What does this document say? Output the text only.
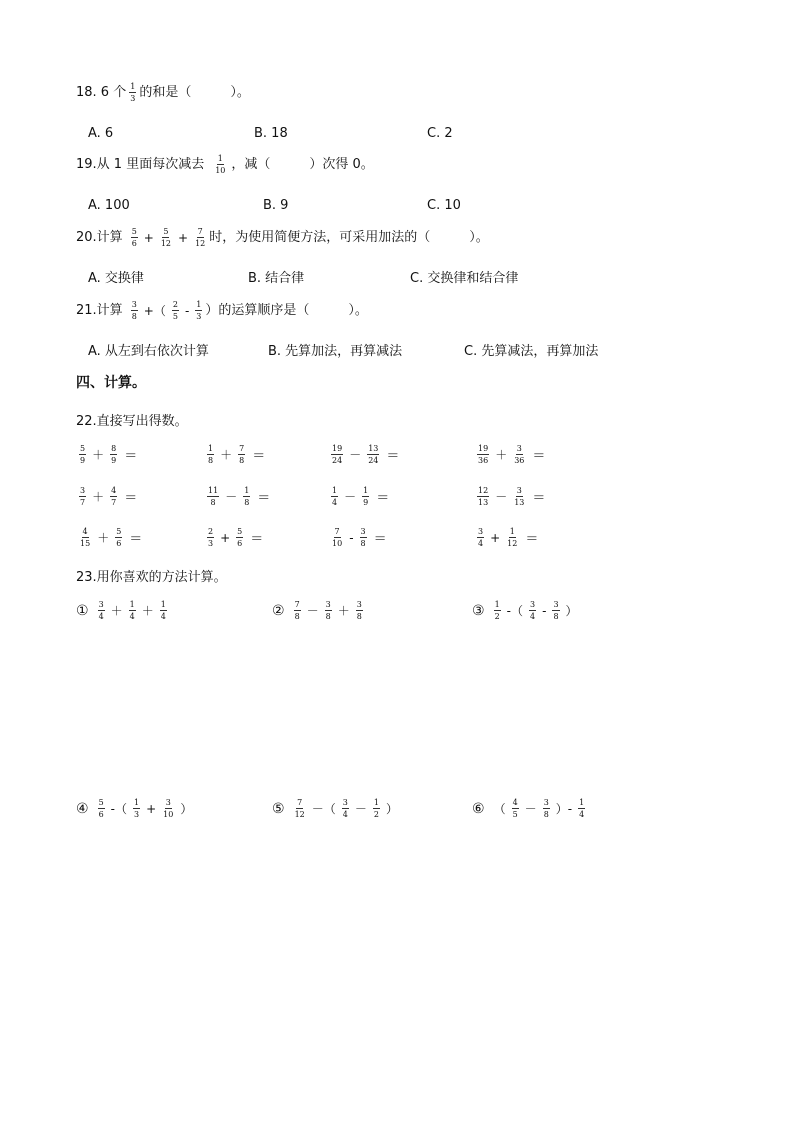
18. 6 个 $\frac{1}{3}$ 的和是（　　　）。
A. 6	B. 18	C. 2
19.从 1 里面每次减去 $\frac{1}{10}$ ，减（　　　）次得 0。
A. 100	B. 9	C. 10
20.计算 $\frac{5}{6} + \frac{5}{12} + \frac{7}{12}$ 时，为使用简便方法，可采用加法的（　　　）。
A. 交换律	B. 结合律	C. 交换律和结合律
21.计算 $\frac{3}{8}$ +（ $\frac{2}{5} - \frac{1}{3}$ ）的运算顺序是（　　　）。
A. 从左到右依次计算	B. 先算加法，再算减法	C. 先算减法，再算加法
四、计算。
22.直接写出得数。
$\frac{5}{9} + \frac{8}{9}$ ＝	$\frac{1}{8} + \frac{7}{8}$ ＝	$\frac{19}{24} - \frac{13}{24}$ ＝	$\frac{19}{36} + \frac{3}{36}$ ＝
$\frac{3}{7} + \frac{4}{7}$ ＝	$\frac{11}{8} - \frac{1}{8}$ ＝	$\frac{1}{4} - \frac{1}{9}$ ＝	$\frac{12}{13} - \frac{3}{13}$ ＝
$\frac{4}{15} + \frac{5}{6}$ ＝	$\frac{2}{3} + \frac{5}{6}$ ＝	$\frac{7}{10} - \frac{3}{8}$ ＝	$\frac{3}{4} + \frac{1}{12}$ ＝
23.用你喜欢的方法计算。
① $\frac{3}{4} + \frac{1}{4} + \frac{1}{4}$	② $\frac{7}{8} - \frac{3}{8} + \frac{3}{8}$	③ $\frac{1}{2}$ -（ $\frac{3}{4} - \frac{3}{8}$ ）
④ $\frac{5}{6}$ -（ $\frac{1}{3} + \frac{3}{10}$ ）	⑤ $\frac{7}{12}$ －（ $\frac{3}{4} - \frac{1}{2}$ ）	⑥ （ $\frac{4}{5} - \frac{3}{8}$ ）- $\frac{1}{4}$
